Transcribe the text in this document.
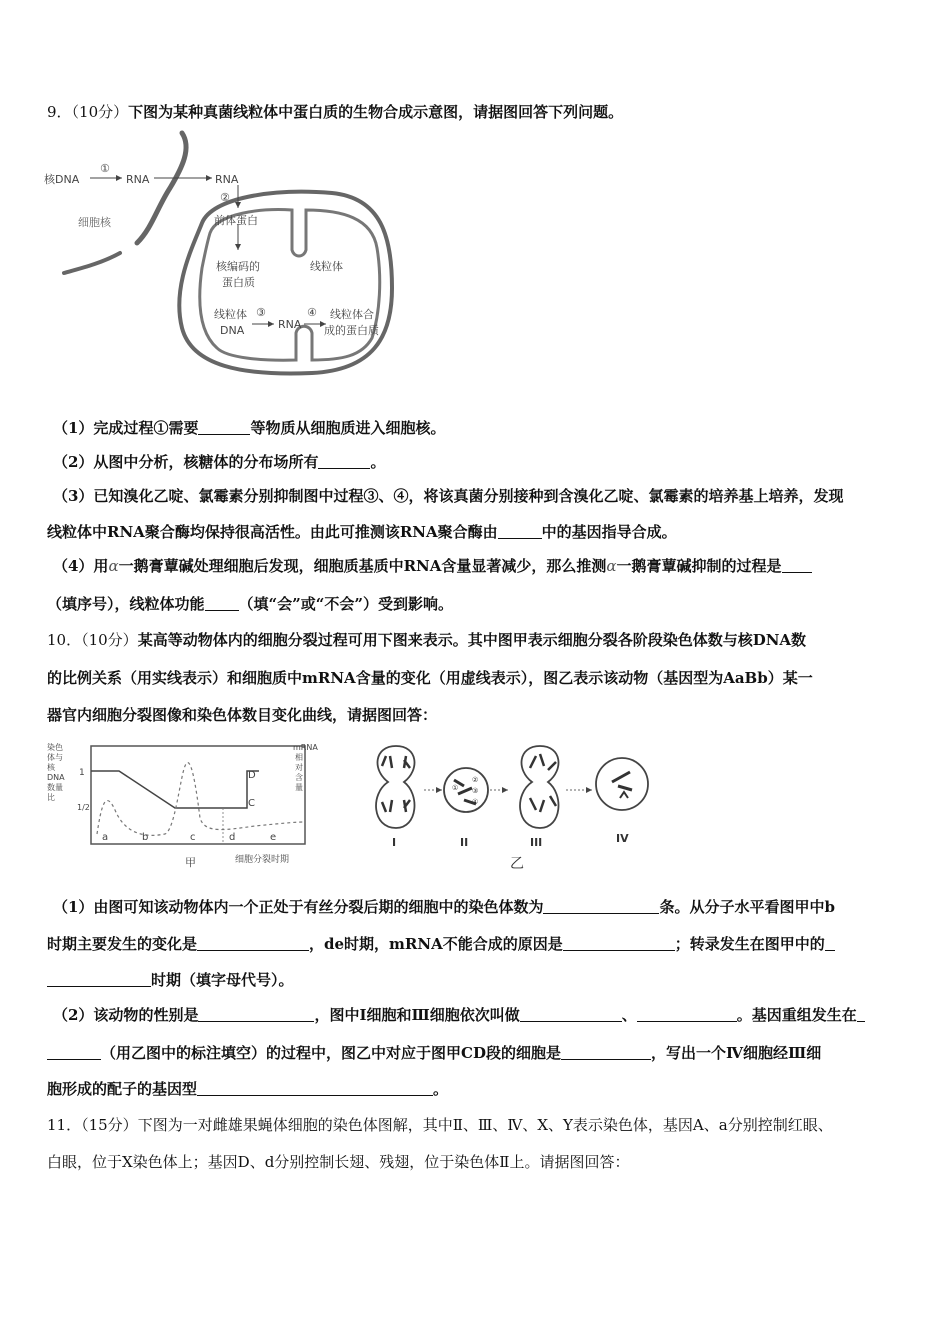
9．（10分）下图为某种真菌线粒体中蛋白质的生物合成示意图，请据图回答下列问题。
核DNA	RNA	RNA
①
②
细胞核	前体蛋白
核编码的
蛋白质
线粒体
线粒体
DNA
③
RNA
④ 线粒体合
成的蛋白质
（1）完成过程①需要	等物质从细胞质进入细胞核。
（2）从图中分析，核糖体的分布场所有	。
（3）已知溴化乙啶、氯霉素分别抑制图中过程③、④，将该真菌分别接种到含溴化乙啶、氯霉素的培养基上培养，发现
线粒体中RNA聚合酶均保持很高活性。由此可推测该RNA聚合酶由	中的基因指导合成。
（4）用α一鹅膏蕈碱处理细胞后发现，细胞质基质中RNA含量显著减少，那么推测α一鹅膏蕈碱抑制的过程是
（填序号），线粒体功能 （填“会”或“不会”）受到影响。
10．（10分）某高等动物体内的细胞分裂过程可用下图来表示。其中图甲表示细胞分裂各阶段染色体数与核DNA数
的比例关系（用实线表示）和细胞质中mRNA含量的变化（用虚线表示），图乙表示该动物（基因型为AaBb）某一
器官内细胞分裂图像和染色体数目变化曲线，请据图回答：
染色体与核 DNA 数量比
1
1/2
a	b	c	d	e
D
C
mRNA 相对含量
细胞分裂时期
甲
I
②
③
④
①
II	III	IV
乙
（1）由图可知该动物体内一个正处于有丝分裂后期的细胞中的染色体数为	条。从分子水平看图甲中b
时期主要发生的变化是	，de时期，mRNA不能合成的原因是	；转录发生在图甲中的
时期（填字母代号）。
（2）该动物的性别是	，图中Ⅰ细胞和Ⅲ细胞依次叫做	、	。基因重组发生在
（用乙图中的标注填空）的过程中，图乙中对应于图甲CD段的细胞是	，写出一个Ⅳ细胞经Ⅲ细
胞形成的配子的基因型	。
11．（15分）下图为一对雌雄果蝇体细胞的染色体图解，其中Ⅱ、Ⅲ、Ⅳ、X、Y表示染色体，基因A、a分别控制红眼、
白眼，位于X染色体上；基因D、d分别控制长翅、残翅，位于染色体Ⅱ上。请据图回答：
